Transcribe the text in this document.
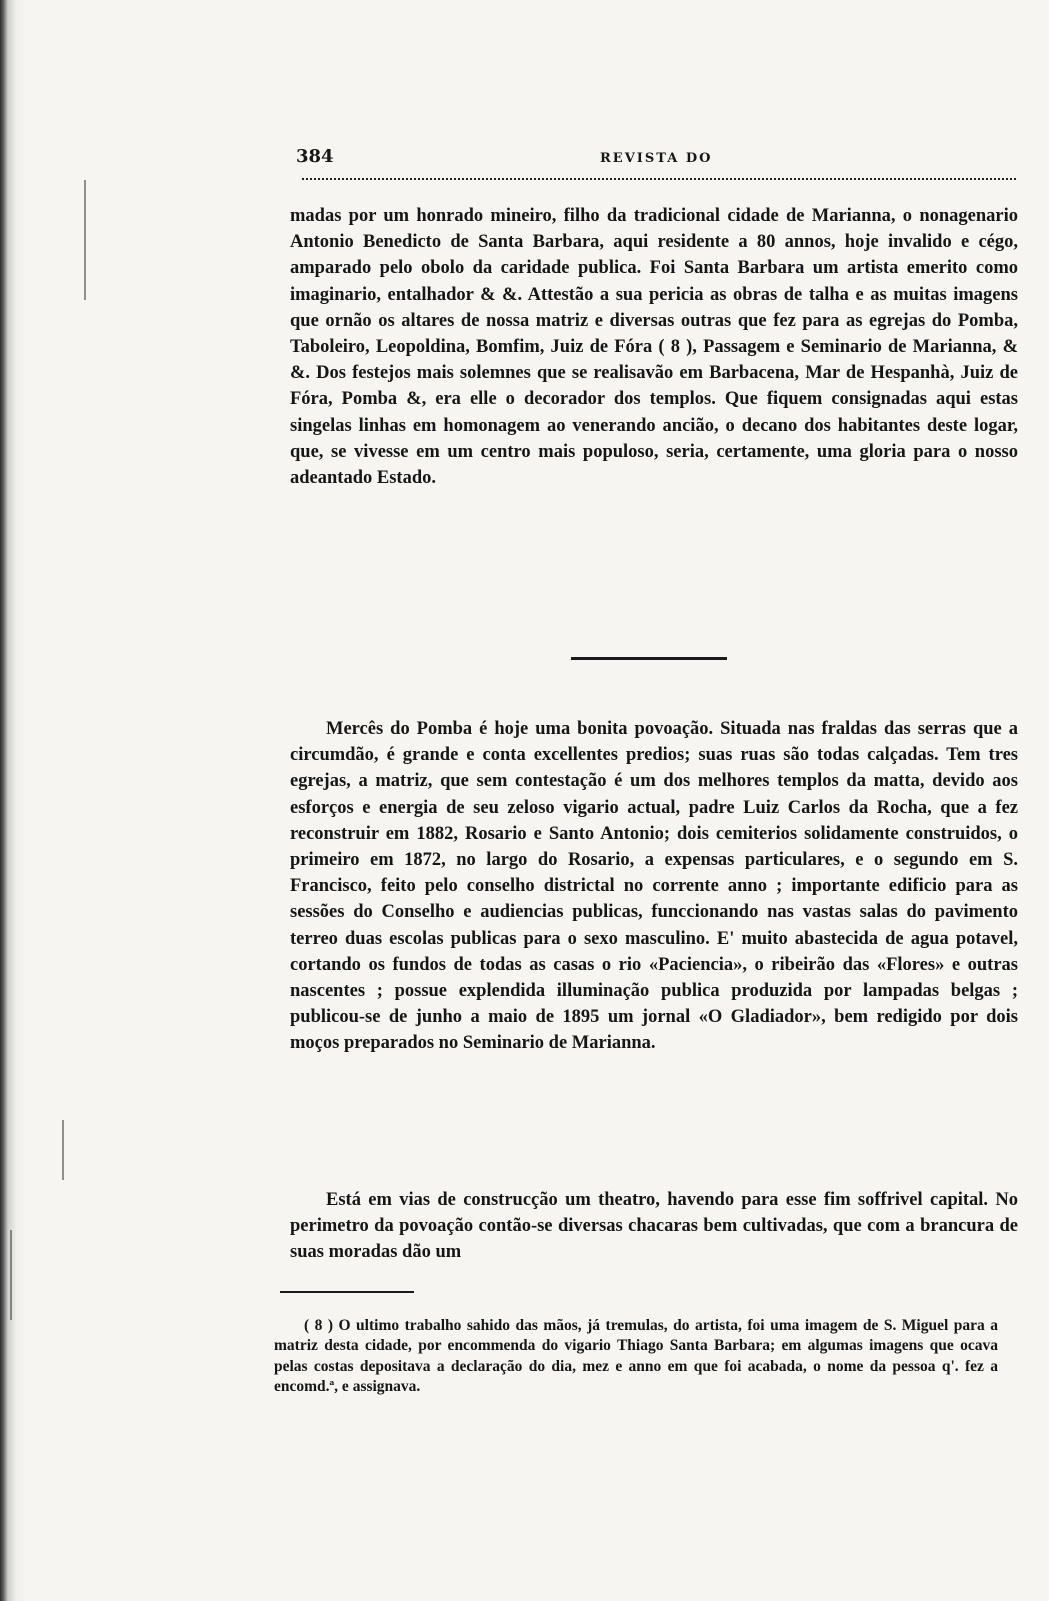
384	REVISTA DO

madas por um honrado mineiro, filho da tradicional cidade de Marianna, o nonagenario Antonio Benedicto de Santa Barbara, aqui residente a 80 annos, hoje invalido e cégo, amparado pelo obolo da caridade publica. Foi Santa Barbara um artista emerito como imaginario, entalhador & &. Attestão a sua pericia as obras de talha e as muitas imagens que ornão os altares de nossa matriz e diversas outras que fez para as egrejas do Pomba, Taboleiro, Leopoldina, Bomfim, Juiz de Fóra ( 8 ), Passagem e Seminario de Marianna, & &. Dos festejos mais solemnes que se realisavão em Barbacena, Mar de Hespanhà, Juiz de Fóra, Pomba &, era elle o decorador dos templos. Que fiquem consignadas aqui estas singelas linhas em homonagem ao venerando ancião, o decano dos habitantes deste logar, que, se vivesse em um centro mais populoso, seria, certamente, uma gloria para o nosso adeantado Estado.

Mercês do Pomba é hoje uma bonita povoação. Situada nas fraldas das serras que a circumdão, é grande e conta excellentes predios; suas ruas são todas calçadas. Tem tres egrejas, a matriz, que sem contestação é um dos melhores templos da matta, devido aos esforços e energia de seu zeloso vigario actual, padre Luiz Carlos da Rocha, que a fez reconstruir em 1882, Rosario e Santo Antonio; dois cemiterios solidamente construidos, o primeiro em 1872, no largo do Rosario, a expensas particulares, e o segundo em S. Francisco, feito pelo conselho districtal no corrente anno ; importante edificio para as sessões do Conselho e audiencias publicas, funccionando nas vastas salas do pavimento terreo duas escolas publicas para o sexo masculino. E' muito abastecida de agua potavel, cortando os fundos de todas as casas o rio «Paciencia», o ribeirão das «Flores» e outras nascentes ; possue explendida illuminação publica produzida por lampadas belgas ; publicou-se de junho a maio de 1895 um jornal «O Gladiador», bem redigido por dois moços preparados no Seminario de Marianna.

Está em vias de construcção um theatro, havendo para esse fim soffrivel capital. No perimetro da povoação contão-se diversas chacaras bem cultivadas, que com a brancura de suas moradas dão um

( 8 ) O ultimo trabalho sahido das mãos, já tremulas, do artista, foi uma imagem de S. Miguel para a matriz desta cidade, por encommenda do vigario Thiago Santa Barbara; em algumas imagens que ocava pelas costas depositava a declaração do dia, mez e anno em que foi acabada, o nome da pessoa q'. fez a encomd.ª, e assignava.
